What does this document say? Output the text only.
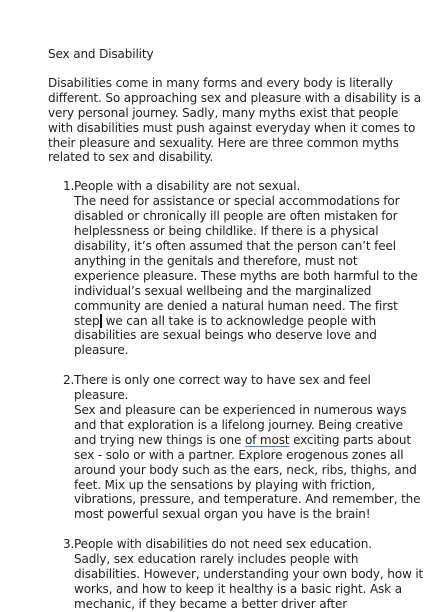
Sex and Disability

Disabilities come in many forms and every body is literally different. So approaching sex and pleasure with a disability is a very personal journey. Sadly, many myths exist that people with disabilities must push against everyday when it comes to their pleasure and sexuality. Here are three common myths related to sex and disability.

1. People with a disability are not sexual.
The need for assistance or special accommodations for disabled or chronically ill people are often mistaken for helplessness or being childlike. If there is a physical disability, it’s often assumed that the person can’t feel anything in the genitals and therefore, must not experience pleasure. These myths are both harmful to the individual’s sexual wellbeing and the marginalized community are denied a natural human need. The first step we can all take is to acknowledge people with disabilities are sexual beings who deserve love and pleasure.
2. There is only one correct way to have sex and feel pleasure.
Sex and pleasure can be experienced in numerous ways and that exploration is a lifelong journey. Being creative and trying new things is one of most exciting parts about sex - solo or with a partner. Explore erogenous zones all around your body such as the ears, neck, ribs, thighs, and feet. Mix up the sensations by playing with friction, vibrations, pressure, and temperature. And remember, the most powerful sexual organ you have is the brain!
3. People with disabilities do not need sex education.
Sadly, sex education rarely includes people with disabilities. However, understanding your own body, how it works, and how to keep it healthy is a basic right. Ask a mechanic, if they became a better driver after
